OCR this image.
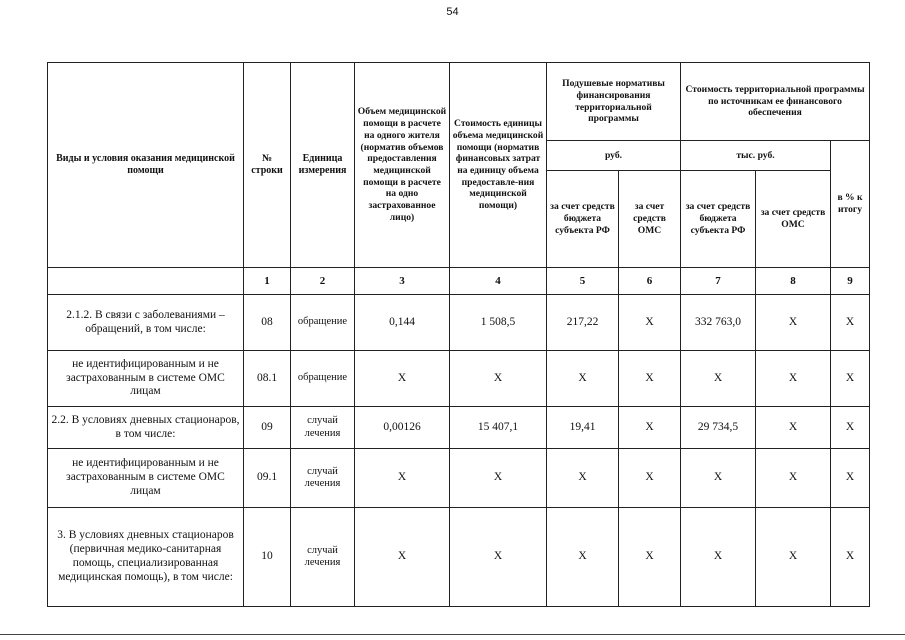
54
Виды и условия оказания медицинской помощи	№ строки	Единица измерения	Объем медицинской помощи в расчете на одного жителя (норматив объемов предоставления медицинской помощи в расчете на одно застрахованное лицо)	Стоимость единицы объема медицинской помощи (норматив финансовых затрат на единицу объема предоставле-ния медицинской помощи)	Подушевые нормативы финансирования территориальной программы		Стоимость территориальной программы по источникам ее финансового обеспечения		
					руб.		тыс. руб.		в % к итогу
					за счет средств бюджета субъекта РФ	за счет средств ОМС	за счет средств бюджета субъекта РФ	за счет средств ОМС	
	1	2	3	4	5	6	7	8	9
2.1.2. В связи с заболеваниями – обращений, в том числе:	08	обращение	0,144	1 508,5	217,22	Х	332 763,0	Х	Х
не идентифицированным и не застрахованным в системе ОМС лицам	08.1	обращение	Х	Х	Х	Х	Х	Х	Х
2.2. В условиях дневных стационаров, в том числе:	09	случай лечения	0,00126	15 407,1	19,41	Х	29 734,5	Х	Х
не идентифицированным и не застрахованным в системе ОМС лицам	09.1	случай лечения	Х	Х	Х	Х	Х	Х	Х
3. В условиях дневных стационаров (первичная медико-санитарная помощь, специализированная медицинская помощь), в том числе:	10	случай лечения	Х	Х	Х	Х	Х	Х	Х
